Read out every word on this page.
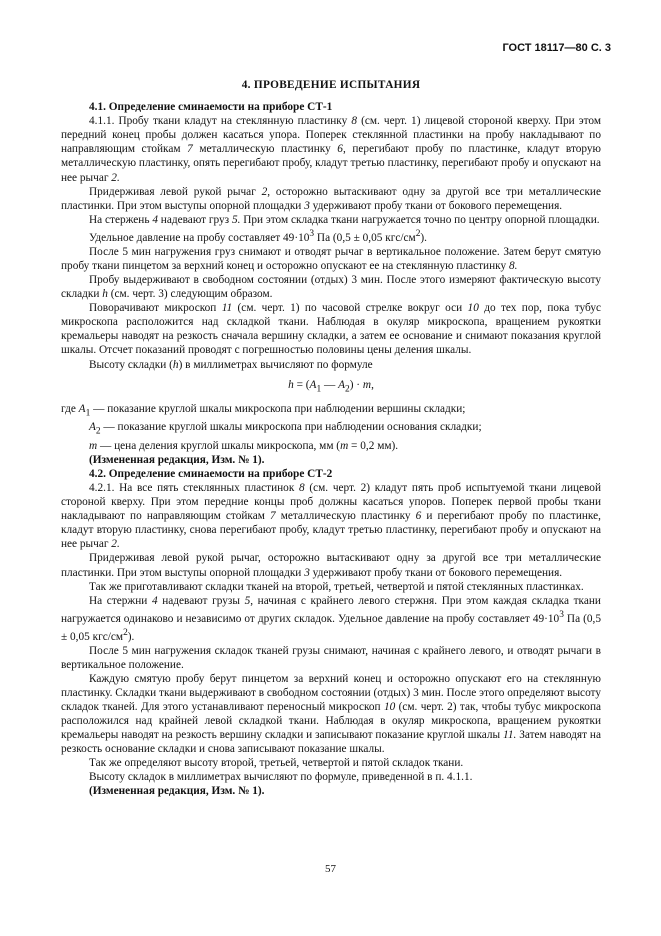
ГОСТ 18117—80 С. 3

4. ПРОВЕДЕНИЕ ИСПЫТАНИЯ

4.1. Определение сминаемости на приборе СТ-1

4.1.1. Пробу ткани кладут на стеклянную пластинку 8 (см. черт. 1) лицевой стороной кверху. При этом передний конец пробы должен касаться упора. Поперек стеклянной пластинки на пробу накладывают по направляющим стойкам 7 металлическую пластинку 6, перегибают пробу по пластинке, кладут вторую металлическую пластинку, опять перегибают пробу, кладут третью пластинку, перегибают пробу и опускают на нее рычаг 2.

Придерживая левой рукой рычаг 2, осторожно вытаскивают одну за другой все три металлические пластинки. При этом выступы опорной площадки 3 удерживают пробу ткани от бокового перемещения.

На стержень 4 надевают груз 5. При этом складка ткани нагружается точно по центру опорной площадки.

Удельное давление на пробу составляет $49\cdot 10^3$ Па (0,5 ± 0,05 кгс/$см^2$).

После 5 мин нагружения груз снимают и отводят рычаг в вертикальное положение. Затем берут смятую пробу ткани пинцетом за верхний конец и осторожно опускают ее на стеклянную пластинку 8.

Пробу выдерживают в свободном состоянии (отдых) 3 мин. После этого измеряют фактическую высоту складки h (см. черт. 3) следующим образом.

Поворачивают микроскоп 11 (см. черт. 1) по часовой стрелке вокруг оси 10 до тех пор, пока тубус микроскопа расположится над складкой ткани. Наблюдая в окуляр микроскопа, вращением рукоятки кремальеры наводят на резкость сначала вершину складки, а затем ее основание и снимают показания круглой шкалы. Отсчет показаний проводят с погрешностью половины цены деления шкалы.

Высоту складки (h) в миллиметрах вычисляют по формуле

$h = (A_1$ — $A_2) \cdot m$,

где $A_1$ — показание круглой шкалы микроскопа при наблюдении вершины складки;

$A_2$ — показание круглой шкалы микроскопа при наблюдении основания складки;

m — цена деления круглой шкалы микроскопа, мм (m = 0,2 мм).

(Измененная редакция, Изм. № 1).

4.2. Определение сминаемости на приборе СТ-2

4.2.1. На все пять стеклянных пластинок 8 (см. черт. 2) кладут пять проб испытуемой ткани лицевой стороной кверху. При этом передние концы проб должны касаться упоров. Поперек первой пробы ткани накладывают по направляющим стойкам 7 металлическую пластинку 6 и перегибают пробу по пластинке, кладут вторую пластинку, снова перегибают пробу, кладут третью пластинку, перегибают пробу и опускают на нее рычаг 2.

Придерживая левой рукой рычаг, осторожно вытаскивают одну за другой все три металлические пластинки. При этом выступы опорной площадки 3 удерживают пробу ткани от бокового перемещения.

Так же приготавливают складки тканей на второй, третьей, четвертой и пятой стеклянных пластинках.

На стержни 4 надевают грузы 5, начиная с крайнего левого стержня. При этом каждая складка ткани нагружается одинаково и независимо от других складок. Удельное давление на пробу составляет $49\cdot 10^3$ Па (0,5 ± 0,05 кгс/$см^2$).

После 5 мин нагружения складок тканей грузы снимают, начиная с крайнего левого, и отводят рычаги в вертикальное положение.

Каждую смятую пробу берут пинцетом за верхний конец и осторожно опускают его на стеклянную пластинку. Складки ткани выдерживают в свободном состоянии (отдых) 3 мин. После этого определяют высоту складок тканей. Для этого устанавливают переносный микроскоп 10 (см. черт. 2) так, чтобы тубус микроскопа расположился над крайней левой складкой ткани. Наблюдая в окуляр микроскопа, вращением рукоятки кремальеры наводят на резкость вершину складки и записывают показание круглой шкалы 11. Затем наводят на резкость основание складки и снова записывают показание шкалы.

Так же определяют высоту второй, третьей, четвертой и пятой складок ткани.

Высоту складок в миллиметрах вычисляют по формуле, приведенной в п. 4.1.1.

(Измененная редакция, Изм. № 1).

57
